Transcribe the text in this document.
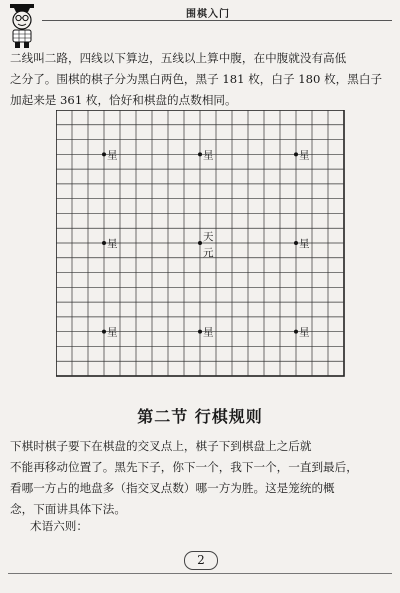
围棋入门

二线叫二路，四线以下算边，五线以上算中腹，在中腹就没有高低
之分了。围棋的棋子分为黑白两色，黑子 181 枚，白子 180 枚，黑白子
加起来是 361 枚，恰好和棋盘的点数相同。

星	星	星
星
天
元
星
星	星	星
第二节 行棋规则

下棋时棋子要下在棋盘的交叉点上，棋子下到棋盘上之后就
不能再移动位置了。黑先下子，你下一个，我下一个，一直到最后，
看哪一方占的地盘多（指交叉点数）哪一方为胜。这是笼统的概
念，下面讲具体下法。

术语六则：

2
